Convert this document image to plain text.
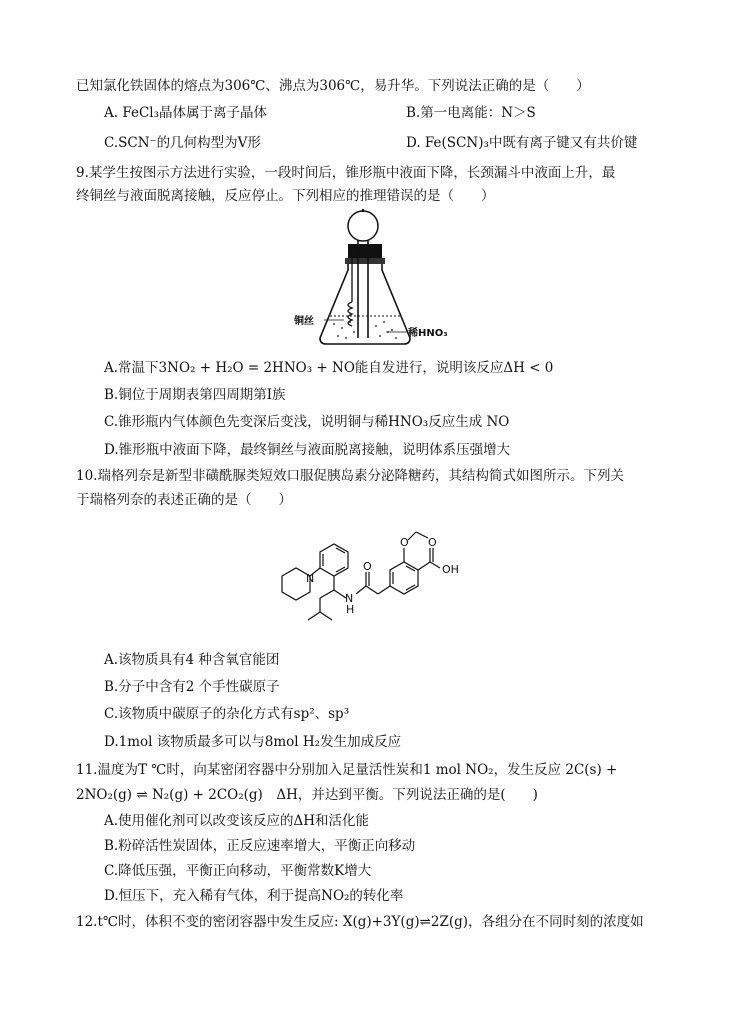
已知氯化铁固体的熔点为306℃、沸点为306℃，易升华。下列说法正确的是（　　）
A. FeCl₃晶体属于离子晶体	B.第一电离能：N＞S
C.SCN⁻的几何构型为V形	D. Fe(SCN)₃中既有离子键又有共价键
9.某学生按图示方法进行实验，一段时间后，锥形瓶中液面下降，长颈漏斗中液面上升，最
终铜丝与液面脱离接触，反应停止。下列相应的推理错误的是（　　）
铜丝
稀HNO₃
A.常温下3NO₂ + H₂O = 2HNO₃ + NO能自发进行，说明该反应ΔH < 0
B.铜位于周期表第四周期第Ⅰ族
C.锥形瓶内气体颜色先变深后变浅，说明铜与稀HNO₃反应生成 NO
D.锥形瓶中液面下降，最终铜丝与液面脱离接触，说明体系压强增大
10.瑞格列奈是新型非磺酰脲类短效口服促胰岛素分泌降糖药，其结构简式如图所示。下列关
于瑞格列奈的表述正确的是（　　）
N
N
H
O
O O
OH
A.该物质具有4 种含氧官能团
B.分子中含有2 个手性碳原子
C.该物质中碳原子的杂化方式有sp²、sp³
D.1mol 该物质最多可以与8mol H₂发生加成反应
11.温度为T ℃时，向某密闭容器中分别加入足量活性炭和1 mol NO₂，发生反应 2C(s) +
2NO₂(g) ⇌ N₂(g) + 2CO₂(g)　ΔH，并达到平衡。下列说法正确的是(　　)
A.使用催化剂可以改变该反应的ΔH和活化能
B.粉碎活性炭固体，正反应速率增大，平衡正向移动
C.降低压强，平衡正向移动，平衡常数K增大
D.恒压下，充入稀有气体，利于提高NO₂的转化率
12.t℃时，体积不变的密闭容器中发生反应: X(g)+3Y(g)⇌2Z(g)，各组分在不同时刻的浓度如
